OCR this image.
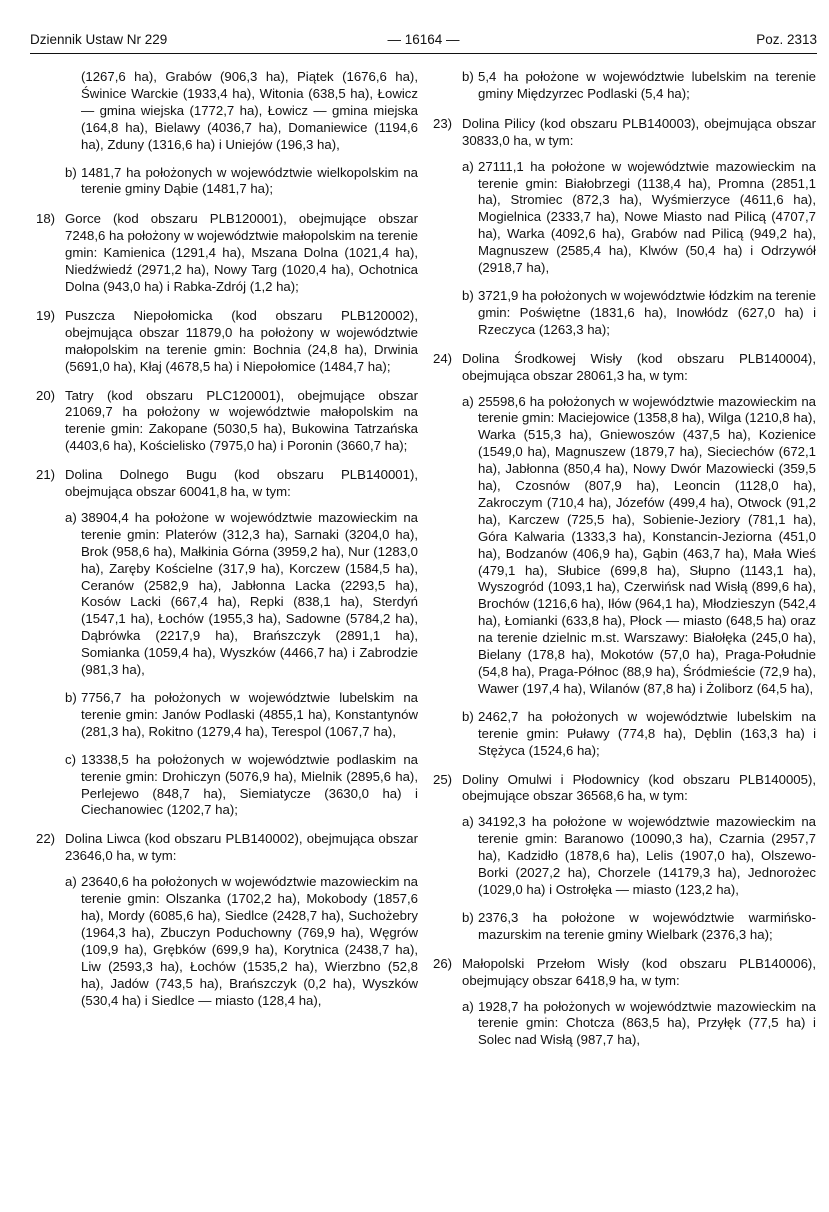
Dziennik Ustaw Nr 229	— 16164 —	Poz. 2313

(1267,6 ha), Grabów (906,3 ha), Piątek (1676,6 ha), Świnice Warckie (1933,4 ha), Witonia (638,5 ha), Łowicz — gmina wiejska (1772,7 ha), Łowicz — gmina miejska (164,8 ha), Bielawy (4036,7 ha), Domaniewice (1194,6 ha), Zduny (1316,6 ha) i Uniejów (196,3 ha),

b) 1481,7 ha położonych w województwie wielkopolskim na terenie gminy Dąbie (1481,7 ha);

18) Gorce (kod obszaru PLB120001), obejmujące obszar 7248,6 ha położony w województwie małopolskim na terenie gmin: Kamienica (1291,4 ha), Mszana Dolna (1021,4 ha), Niedźwiedź (2971,2 ha), Nowy Targ (1020,4 ha), Ochotnica Dolna (943,0 ha) i Rabka-Zdrój (1,2 ha);

19) Puszcza Niepołomicka (kod obszaru PLB120002), obejmująca obszar 11879,0 ha położony w województwie małopolskim na terenie gmin: Bochnia (24,8 ha), Drwinia (5691,0 ha), Kłaj (4678,5 ha) i Niepołomice (1484,7 ha);

20) Tatry (kod obszaru PLC120001), obejmujące obszar 21069,7 ha położony w województwie małopolskim na terenie gmin: Zakopane (5030,5 ha), Bukowina Tatrzańska (4403,6 ha), Kościelisko (7975,0 ha) i Poronin (3660,7 ha);

21) Dolina Dolnego Bugu (kod obszaru PLB140001), obejmująca obszar 60041,8 ha, w tym:

a) 38904,4 ha położone w województwie mazowieckim na terenie gmin: Platerów (312,3 ha), Sarnaki (3204,0 ha), Brok (958,6 ha), Małkinia Górna (3959,2 ha), Nur (1283,0 ha), Zaręby Kościelne (317,9 ha), Korczew (1584,5 ha), Ceranów (2582,9 ha), Jabłonna Lacka (2293,5 ha), Kosów Lacki (667,4 ha), Repki (838,1 ha), Sterdyń (1547,1 ha), Łochów (1955,3 ha), Sadowne (5784,2 ha), Dąbrówka (2217,9 ha), Brańszczyk (2891,1 ha), Somianka (1059,4 ha), Wyszków (4466,7 ha) i Zabrodzie (981,3 ha),

b) 7756,7 ha położonych w województwie lubelskim na terenie gmin: Janów Podlaski (4855,1 ha), Konstantynów (281,3 ha), Rokitno (1279,4 ha), Terespol (1067,7 ha),

c) 13338,5 ha położonych w województwie podlaskim na terenie gmin: Drohiczyn (5076,9 ha), Mielnik (2895,6 ha), Perlejewo (848,7 ha), Siemiatycze (3630,0 ha) i Ciechanowiec (1202,7 ha);

22) Dolina Liwca (kod obszaru PLB140002), obejmująca obszar 23646,0 ha, w tym:

a) 23640,6 ha położonych w województwie mazowieckim na terenie gmin: Olszanka (1702,2 ha), Mokobody (1857,6 ha), Mordy (6085,6 ha), Siedlce (2428,7 ha), Suchożebry (1964,3 ha), Zbuczyn Poduchowny (769,9 ha), Węgrów (109,9 ha), Grębków (699,9 ha), Korytnica (2438,7 ha), Liw (2593,3 ha), Łochów (1535,2 ha), Wierzbno (52,8 ha), Jadów (743,5 ha), Brańszczyk (0,2 ha), Wyszków (530,4 ha) i Siedlce — miasto (128,4 ha),

b) 5,4 ha położone w województwie lubelskim na terenie gminy Międzyrzec Podlaski (5,4 ha);

23) Dolina Pilicy (kod obszaru PLB140003), obejmująca obszar 30833,0 ha, w tym:

a) 27111,1 ha położone w województwie mazowieckim na terenie gmin: Białobrzegi (1138,4 ha), Promna (2851,1 ha), Stromiec (872,3 ha), Wyśmierzyce (4611,6 ha), Mogielnica (2333,7 ha), Nowe Miasto nad Pilicą (4707,7 ha), Warka (4092,6 ha), Grabów nad Pilicą (949,2 ha), Magnuszew (2585,4 ha), Klwów (50,4 ha) i Odrzywół (2918,7 ha),

b) 3721,9 ha położonych w województwie łódzkim na terenie gmin: Poświętne (1831,6 ha), Inowłódz (627,0 ha) i Rzeczyca (1263,3 ha);

24) Dolina Środkowej Wisły (kod obszaru PLB140004), obejmująca obszar 28061,3 ha, w tym:

a) 25598,6 ha położonych w województwie mazowieckim na terenie gmin: Maciejowice (1358,8 ha), Wilga (1210,8 ha), Warka (515,3 ha), Gniewoszów (437,5 ha), Kozienice (1549,0 ha), Magnuszew (1879,7 ha), Sieciechów (672,1 ha), Jabłonna (850,4 ha), Nowy Dwór Mazowiecki (359,5 ha), Czosnów (807,9 ha), Leoncin (1128,0 ha), Zakroczym (710,4 ha), Józefów (499,4 ha), Otwock (91,2 ha), Karczew (725,5 ha), Sobienie-Jeziory (781,1 ha), Góra Kalwaria (1333,3 ha), Konstancin-Jeziorna (451,0 ha), Bodzanów (406,9 ha), Gąbin (463,7 ha), Mała Wieś (479,1 ha), Słubice (699,8 ha), Słupno (1143,1 ha), Wyszogród (1093,1 ha), Czerwińsk nad Wisłą (899,6 ha), Brochów (1216,6 ha), Iłów (964,1 ha), Młodzieszyn (542,4 ha), Łomianki (633,8 ha), Płock — miasto (648,5 ha) oraz na terenie dzielnic m.st. Warszawy: Białołęka (245,0 ha), Bielany (178,8 ha), Mokotów (57,0 ha), Praga-Południe (54,8 ha), Praga-Północ (88,9 ha), Śródmieście (72,9 ha), Wawer (197,4 ha), Wilanów (87,8 ha) i Żoliborz (64,5 ha),

b) 2462,7 ha położonych w województwie lubelskim na terenie gmin: Puławy (774,8 ha), Dęblin (163,3 ha) i Stężyca (1524,6 ha);

25) Doliny Omulwi i Płodownicy (kod obszaru PLB140005), obejmujące obszar 36568,6 ha, w tym:

a) 34192,3 ha położone w województwie mazowieckim na terenie gmin: Baranowo (10090,3 ha), Czarnia (2957,7 ha), Kadzidło (1878,6 ha), Lelis (1907,0 ha), Olszewo-Borki (2027,2 ha), Chorzele (14179,3 ha), Jednorożec (1029,0 ha) i Ostrołęka — miasto (123,2 ha),

b) 2376,3 ha położone w województwie warmińsko-mazurskim na terenie gminy Wielbark (2376,3 ha);

26) Małopolski Przełom Wisły (kod obszaru PLB140006), obejmujący obszar 6418,9 ha, w tym:

a) 1928,7 ha położonych w województwie mazowieckim na terenie gmin: Chotcza (863,5 ha), Przyłęk (77,5 ha) i Solec nad Wisłą (987,7 ha),
